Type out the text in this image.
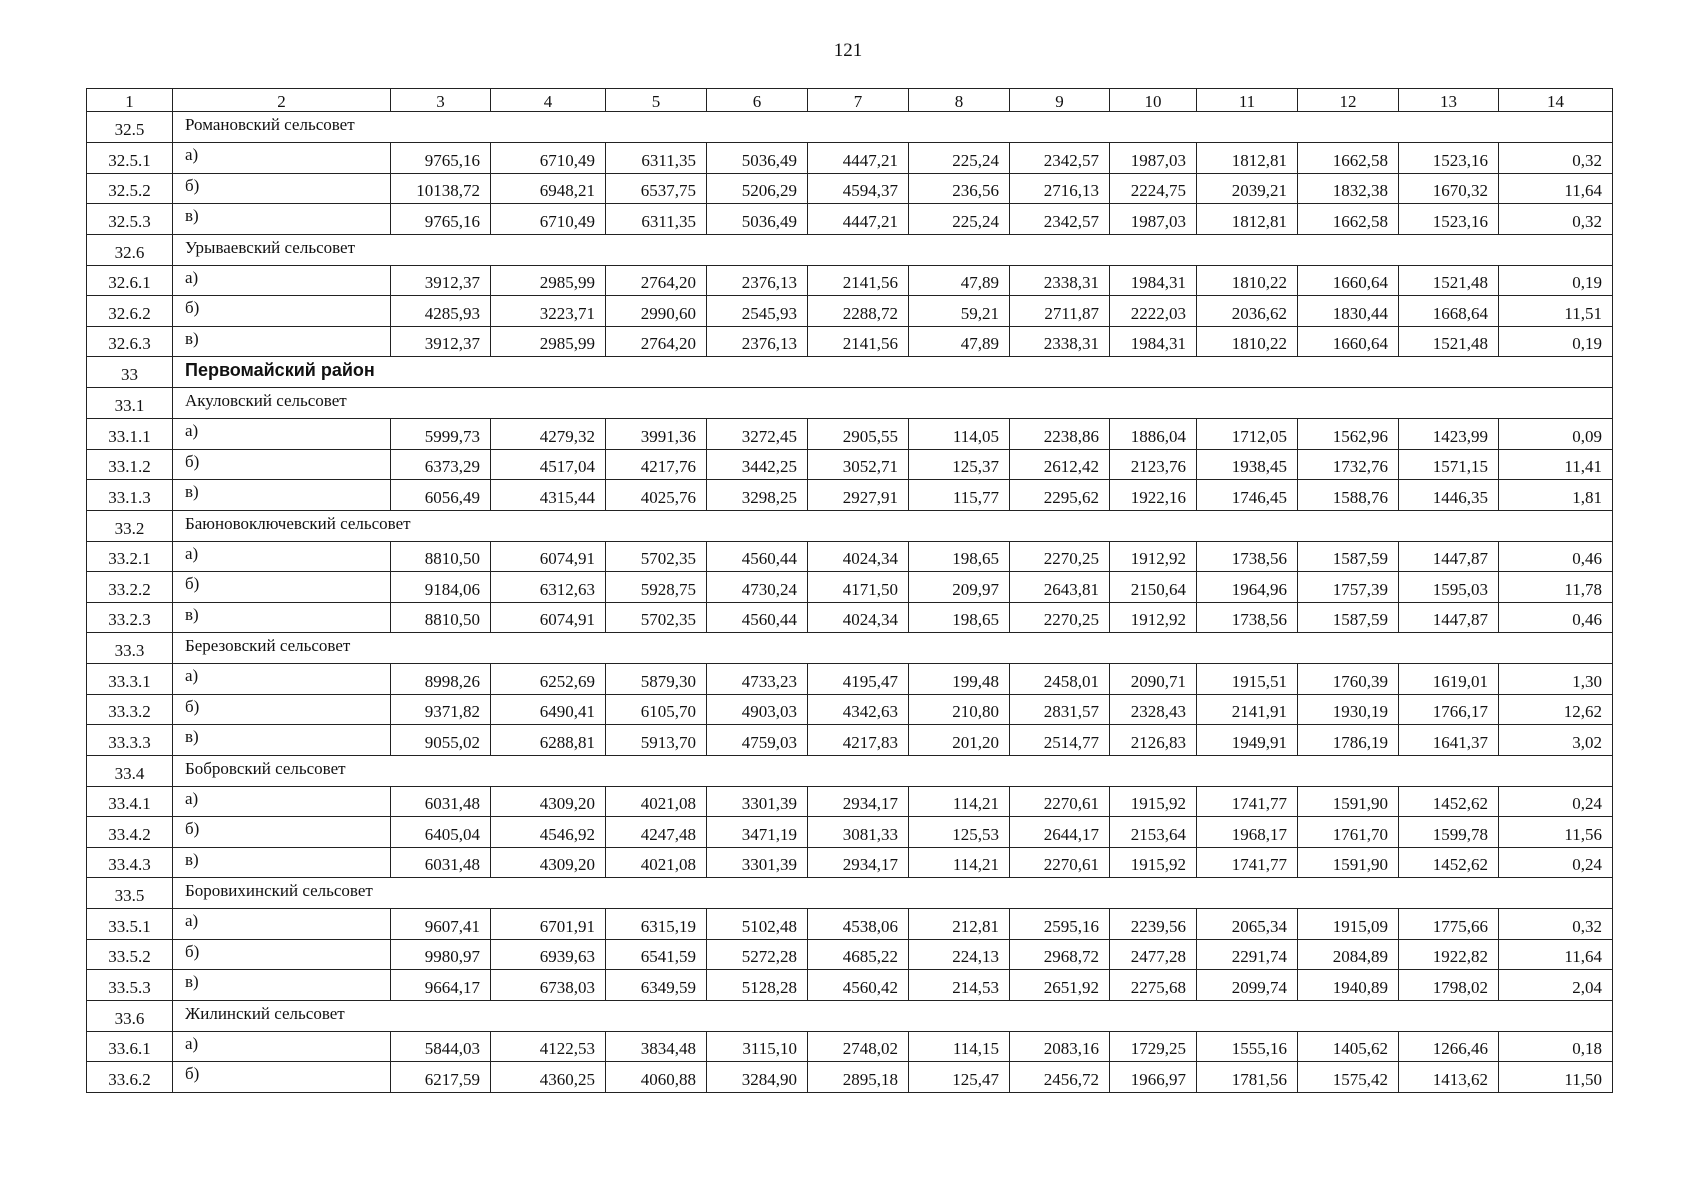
121
1	2	3	4	5	6	7	8	9	10	11	12	13	14
32.5	Романовский сельсовет												
32.5.1	а)	9765,16	6710,49	6311,35	5036,49	4447,21	225,24	2342,57	1987,03	1812,81	1662,58	1523,16	0,32
32.5.2	б)	10138,72	6948,21	6537,75	5206,29	4594,37	236,56	2716,13	2224,75	2039,21	1832,38	1670,32	11,64
32.5.3	в)	9765,16	6710,49	6311,35	5036,49	4447,21	225,24	2342,57	1987,03	1812,81	1662,58	1523,16	0,32
32.6	Урываевский сельсовет												
32.6.1	а)	3912,37	2985,99	2764,20	2376,13	2141,56	47,89	2338,31	1984,31	1810,22	1660,64	1521,48	0,19
32.6.2	б)	4285,93	3223,71	2990,60	2545,93	2288,72	59,21	2711,87	2222,03	2036,62	1830,44	1668,64	11,51
32.6.3	в)	3912,37	2985,99	2764,20	2376,13	2141,56	47,89	2338,31	1984,31	1810,22	1660,64	1521,48	0,19
33	Первомайский район												
33.1	Акуловский сельсовет												
33.1.1	а)	5999,73	4279,32	3991,36	3272,45	2905,55	114,05	2238,86	1886,04	1712,05	1562,96	1423,99	0,09
33.1.2	б)	6373,29	4517,04	4217,76	3442,25	3052,71	125,37	2612,42	2123,76	1938,45	1732,76	1571,15	11,41
33.1.3	в)	6056,49	4315,44	4025,76	3298,25	2927,91	115,77	2295,62	1922,16	1746,45	1588,76	1446,35	1,81
33.2	Баюновоключевский сельсовет												
33.2.1	а)	8810,50	6074,91	5702,35	4560,44	4024,34	198,65	2270,25	1912,92	1738,56	1587,59	1447,87	0,46
33.2.2	б)	9184,06	6312,63	5928,75	4730,24	4171,50	209,97	2643,81	2150,64	1964,96	1757,39	1595,03	11,78
33.2.3	в)	8810,50	6074,91	5702,35	4560,44	4024,34	198,65	2270,25	1912,92	1738,56	1587,59	1447,87	0,46
33.3	Березовский сельсовет												
33.3.1	а)	8998,26	6252,69	5879,30	4733,23	4195,47	199,48	2458,01	2090,71	1915,51	1760,39	1619,01	1,30
33.3.2	б)	9371,82	6490,41	6105,70	4903,03	4342,63	210,80	2831,57	2328,43	2141,91	1930,19	1766,17	12,62
33.3.3	в)	9055,02	6288,81	5913,70	4759,03	4217,83	201,20	2514,77	2126,83	1949,91	1786,19	1641,37	3,02
33.4	Бобровский сельсовет												
33.4.1	а)	6031,48	4309,20	4021,08	3301,39	2934,17	114,21	2270,61	1915,92	1741,77	1591,90	1452,62	0,24
33.4.2	б)	6405,04	4546,92	4247,48	3471,19	3081,33	125,53	2644,17	2153,64	1968,17	1761,70	1599,78	11,56
33.4.3	в)	6031,48	4309,20	4021,08	3301,39	2934,17	114,21	2270,61	1915,92	1741,77	1591,90	1452,62	0,24
33.5	Боровихинский сельсовет												
33.5.1	а)	9607,41	6701,91	6315,19	5102,48	4538,06	212,81	2595,16	2239,56	2065,34	1915,09	1775,66	0,32
33.5.2	б)	9980,97	6939,63	6541,59	5272,28	4685,22	224,13	2968,72	2477,28	2291,74	2084,89	1922,82	11,64
33.5.3	в)	9664,17	6738,03	6349,59	5128,28	4560,42	214,53	2651,92	2275,68	2099,74	1940,89	1798,02	2,04
33.6	Жилинский сельсовет												
33.6.1	а)	5844,03	4122,53	3834,48	3115,10	2748,02	114,15	2083,16	1729,25	1555,16	1405,62	1266,46	0,18
33.6.2	б)	6217,59	4360,25	4060,88	3284,90	2895,18	125,47	2456,72	1966,97	1781,56	1575,42	1413,62	11,50
